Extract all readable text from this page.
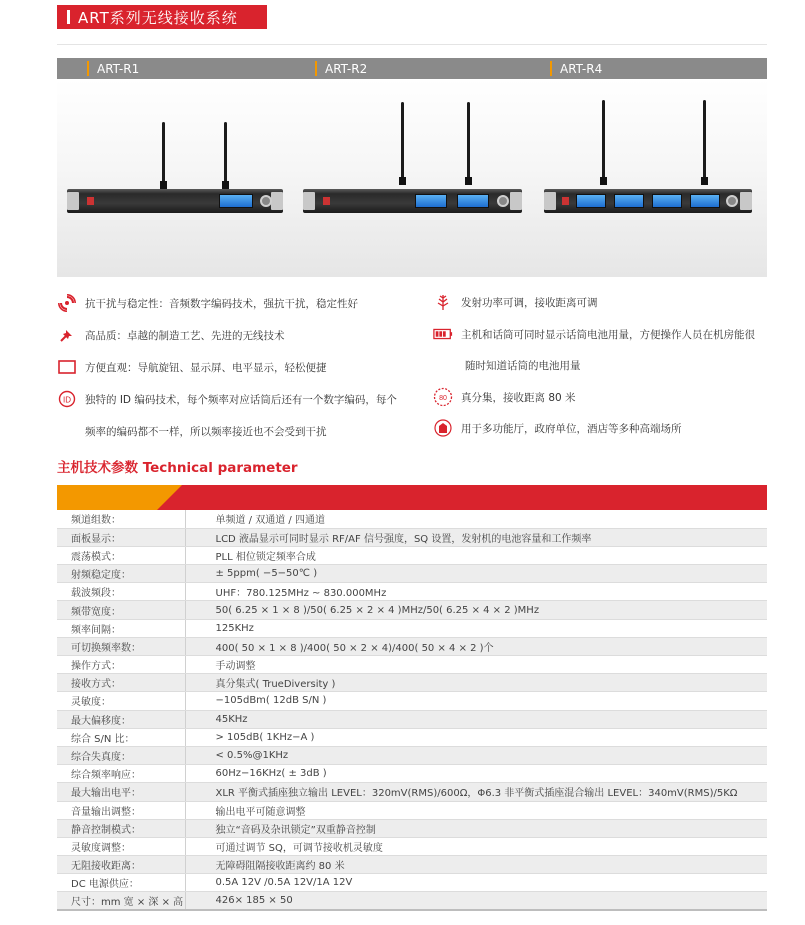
ART系列无线接收系统
ART-R1	ART-R2	ART-R4
抗干扰与稳定性：音频数字编码技术，强抗干扰，稳定性好
高品质：卓越的制造工艺、先进的无线技术
方便直观：导航旋钮、显示屏、电平显示，轻松便捷
ID 独特的 ID 编码技术，每个频率对应话筒后还有一个数字编码，每个
频率的编码都不一样，所以频率接近也不会受到干扰
发射功率可调，接收距离可调
主机和话筒可同时显示话筒电池用量，方便操作人员在机房能很
随时知道话筒的电池用量
80 真分集，接收距离 80 米
用于多功能厅，政府单位，酒店等多种高端场所
主机技术参数 Technical parameter
频道组数：	单频道 / 双通道 / 四通道
面板显示：	LCD 液晶显示可同时显示 RF/AF 信号强度，SQ 设置，发射机的电池容量和工作频率
震荡模式：	PLL 相位锁定频率合成
射频稳定度：	± 5ppm( −5−50℃ )
载波频段：	UHF：780.125MHz ~ 830.000MHz
频带宽度：	50( 6.25 × 1 × 8 )/50( 6.25 × 2 × 4 )MHz/50( 6.25 × 4 × 2 )MHz
频率间隔：	125KHz
可切换频率数：	400( 50 × 1 × 8 )/400( 50 × 2 × 4)/400( 50 × 4 × 2 )个
操作方式：	手动调整
接收方式：	真分集式( TrueDiversity )
灵敏度：	−105dBm( 12dB S/N )
最大偏移度：	45KHz
综合 S/N 比：	> 105dB( 1KHz−A )
综合失真度：	< 0.5%@1KHz
综合频率响应：	60Hz−16KHz( ± 3dB )
最大输出电平：	XLR 平衡式插座独立输出 LEVEL：320mV(RMS)/600Ω，Φ6.3 非平衡式插座混合输出 LEVEL：340mV(RMS)/5KΩ
音量输出调整：	输出电平可随意调整
静音控制模式：	独立“音码及杂讯锁定”双重静音控制
灵敏度调整：	可通过调节 SQ，可调节接收机灵敏度
无阻接收距离：	无障碍阻隔接收距离约 80 米
DC 电源供应：	0.5A 12V /0.5A 12V/1A 12V
尺寸：mm 宽 × 深 × 高	426× 185 × 50
